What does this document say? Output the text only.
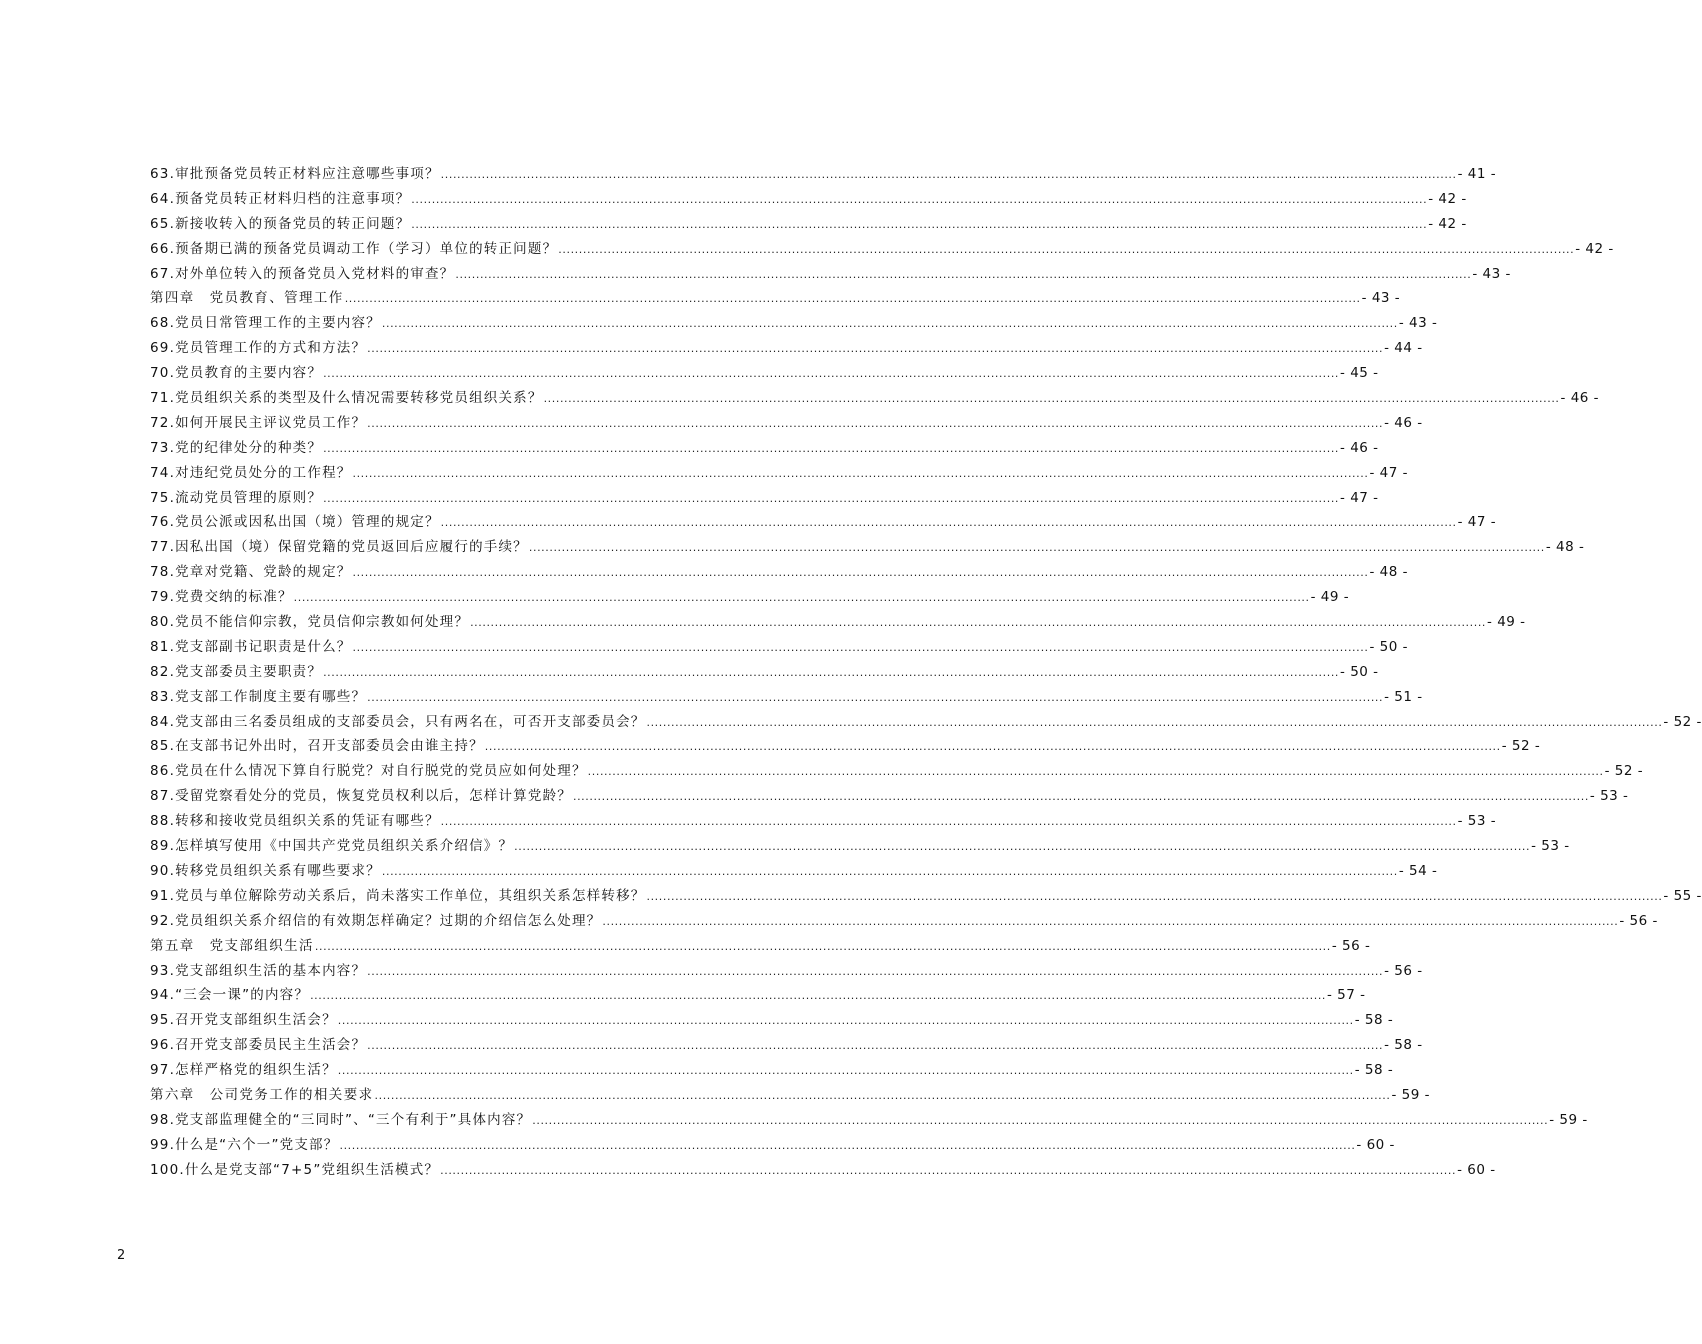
63.审批预备党员转正材料应注意哪些事项？ .....	- 41 -
64.预备党员转正材料归档的注意事项？ .....	- 42 -
65.新接收转入的预备党员的转正问题？ .....	- 42 -
66.预备期已满的预备党员调动工作（学习）单位的转正问题？ .....	- 42 -
67.对外单位转入的预备党员入党材料的审查？ .....	- 43 -
第四章　党员教育、管理工作 .....	- 43 -
68.党员日常管理工作的主要内容？ .....	- 43 -
69.党员管理工作的方式和方法？ .....	- 44 -
70.党员教育的主要内容？ .....	- 45 -
71.党员组织关系的类型及什么情况需要转移党员组织关系？ .....	- 46 -
72.如何开展民主评议党员工作？ .....	- 46 -
73.党的纪律处分的种类？ .....	- 46 -
74.对违纪党员处分的工作程？ .....	- 47 -
75.流动党员管理的原则？ .....	- 47 -
76.党员公派或因私出国（境）管理的规定？ .....	- 47 -
77.因私出国（境）保留党籍的党员返回后应履行的手续？ .....	- 48 -
78.党章对党籍、党龄的规定？ .....	- 48 -
79.党费交纳的标准？ .....	- 49 -
80.党员不能信仰宗教，党员信仰宗教如何处理？ .....	- 49 -
81.党支部副书记职责是什么？ .....	- 50 -
82.党支部委员主要职责？ .....	- 50 -
83.党支部工作制度主要有哪些？ .....	- 51 -
84.党支部由三名委员组成的支部委员会，只有两名在，可否开支部委员会？ .....	- 52 -
85.在支部书记外出时，召开支部委员会由谁主持？ .....	- 52 -
86.党员在什么情况下算自行脱党？对自行脱党的党员应如何处理？ .....	- 52 -
87.受留党察看处分的党员，恢复党员权利以后，怎样计算党龄？ .....	- 53 -
88.转移和接收党员组织关系的凭证有哪些？ .....	- 53 -
89.怎样填写使用《中国共产党党员组织关系介绍信》？ .....	- 53 -
90.转移党员组织关系有哪些要求？ .....	- 54 -
91.党员与单位解除劳动关系后，尚未落实工作单位，其组织关系怎样转移？ .....	- 55 -
92.党员组织关系介绍信的有效期怎样确定？过期的介绍信怎么处理？ .....	- 56 -
第五章　党支部组织生活 .....	- 56 -
93.党支部组织生活的基本内容？ .....	- 56 -
94.“三会一课”的内容？ .....	- 57 -
95.召开党支部组织生活会？ .....	- 58 -
96.召开党支部委员民主生活会？ .....	- 58 -
97.怎样严格党的组织生活？ .....	- 58 -
第六章　公司党务工作的相关要求 .....	- 59 -
98.党支部监理健全的“三同时”、“三个有利于”具体内容？ .....	- 59 -
99.什么是“六个一”党支部？ .....	- 60 -
100.什么是党支部“7+5”党组织生活模式？ .....	- 60 -
2
